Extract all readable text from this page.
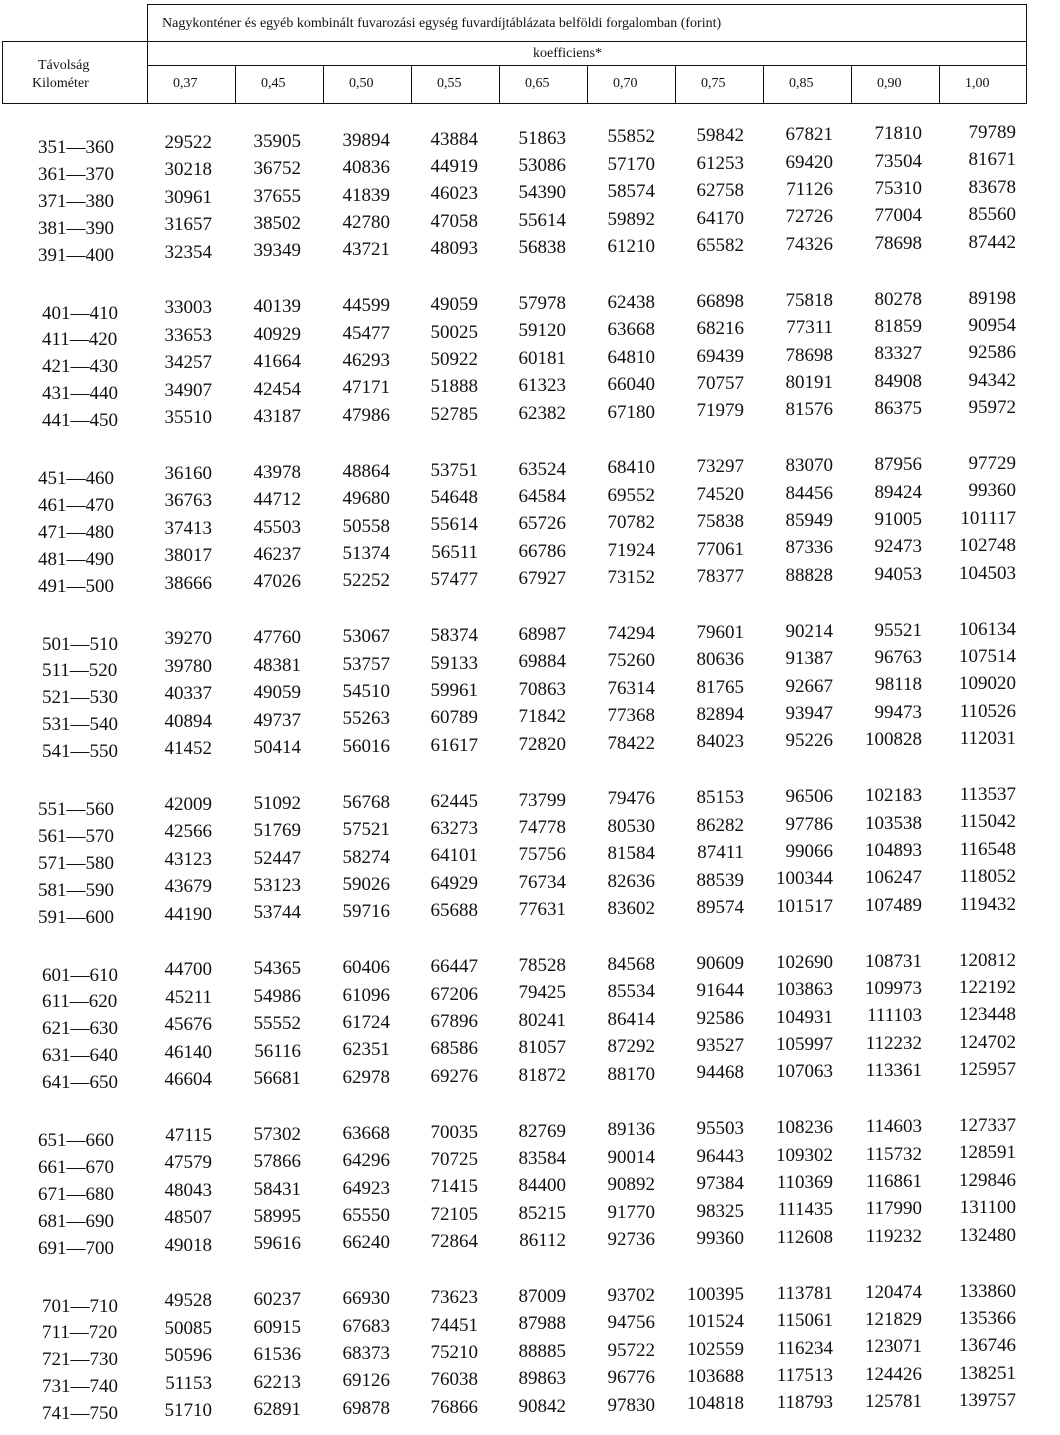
Nagykonténer és egyéb kombinált fuvarozási egység fuvardíjtáblázata belföldi forgalomban (forint)
koefficiens*
Távolság
Kilométer	0,37	0,45	0,50	0,55	0,65	0,70	0,75	0,85	0,90	1,00
351—360	29522	35905	39894	43884	51863	55852	59842	67821	71810	79789
361—370	30218	36752	40836	44919	53086	57170	61253	69420	73504	81671
371—380	30961	37655	41839	46023	54390	58574	62758	71126	75310	83678
381—390	31657	38502	42780	47058	55614	59892	64170	72726	77004	85560
391—400	32354	39349	43721	48093	56838	61210	65582	74326	78698	87442
401—410	33003	40139	44599	49059	57978	62438	66898	75818	80278	89198
411—420	33653	40929	45477	50025	59120	63668	68216	77311	81859	90954
421—430	34257	41664	46293	50922	60181	64810	69439	78698	83327	92586
431—440	34907	42454	47171	51888	61323	66040	70757	80191	84908	94342
441—450	35510	43187	47986	52785	62382	67180	71979	81576	86375	95972
451—460	36160	43978	48864	53751	63524	68410	73297	83070	87956	97729
461—470	36763	44712	49680	54648	64584	69552	74520	84456	89424	99360
471—480	37413	45503	50558	55614	65726	70782	75838	85949	91005 101117
481—490	38017	46237	51374	56511	66786	71924	77061	87336	92473 102748
491—500	38666	47026	52252	57477	67927	73152	78377	88828	94053 104503
501—510	39270	47760	53067	58374	68987	74294	79601	90214	95521 106134
511—520	39780	48381	53757	59133	69884	75260	80636	91387	96763 107514
521—530	40337	49059	54510	59961	70863	76314	81765	92667	98118 109020
531—540	40894	49737	55263	60789	71842	77368	82894	93947	99473 110526
541—550	41452	50414	56016	61617	72820	78422	84023	95226 100828 112031
551—560	42009	51092	56768	62445	73799	79476	85153	96506 102183 113537
561—570	42566	51769	57521	63273	74778	80530	86282	97786 103538 115042
571—580	43123	52447	58274	64101	75756	81584	87411	99066 104893 116548
581—590	43679	53123	59026	64929	76734	82636	88539 100344 106247 118052
591—600	44190	53744	59716	65688	77631	83602	89574 101517 107489 119432
601—610	44700	54365	60406	66447	78528	84568	90609 102690 108731 120812
611—620	45211	54986	61096	67206	79425	85534	91644 103863 109973 122192
621—630	45676	55552	61724	67896	80241	86414	92586 104931 111103 123448
631—640	46140	56116	62351	68586	81057	87292	93527 105997 112232 124702
641—650	46604	56681	62978	69276	81872	88170	94468 107063 113361 125957
651—660	47115	57302	63668	70035	82769	89136	95503 108236 114603 127337
661—670	47579	57866	64296	70725	83584	90014	96443 109302 115732 128591
671—680	48043	58431	64923	71415	84400	90892	97384 110369 116861 129846
681—690	48507	58995	65550	72105	85215	91770	98325 111435 117990 131100
691—700	49018	59616	66240	72864	86112	92736	99360 112608 119232 132480
701—710	49528	60237	66930	73623	87009	93702 100395 113781 120474 133860
711—720	50085	60915	67683	74451	87988	94756 101524 115061 121829 135366
721—730	50596	61536	68373	75210	88885	95722 102559 116234 123071 136746
731—740	51153	62213	69126	76038	89863	96776 103688 117513 124426 138251
741—750	51710	62891	69878	76866	90842	97830 104818 118793 125781 139757
